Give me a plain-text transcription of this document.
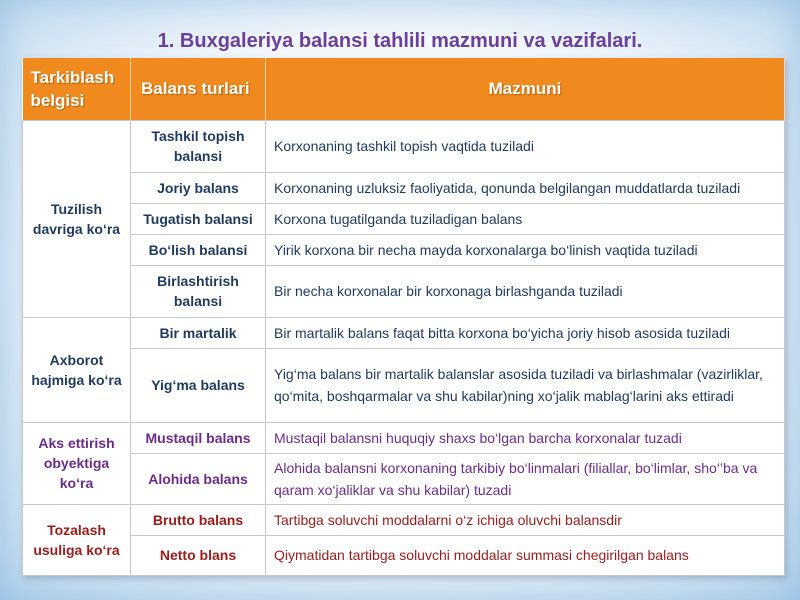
1. Buxgaleriya balansi tahlili mazmuni va vazifalari.
Tarkiblash belgisi	Balans turlari	Mazmuni
Tuzilish davriga ko‘ra	Tashkil topish balansi	Korxonaning tashkil topish vaqtida tuziladi
	Joriy balans	Korxonaning uzluksiz faoliyatida, qonunda belgilangan muddatlarda tuziladi
	Tugatish balansi	Korxona tugatilganda tuziladigan balans
	Bo‘lish balansi	Yirik korxona bir necha mayda korxonalarga bo‘linish vaqtida tuziladi
	Birlashtirish balansi	Bir necha korxonalar bir korxonaga birlashganda tuziladi
Axborot hajmiga ko‘ra	Bir martalik	Bir martalik balans faqat bitta korxona bo‘yicha joriy hisob asosida tuziladi
	Yig‘ma balans	Yig‘ma balans bir martalik balanslar asosida tuziladi va birlashmalar (vazirliklar, qo‘mita, boshqarmalar va shu kabilar)ning xo‘jalik mablag‘larini aks ettiradi
Aks ettirish obyektiga ko‘ra	Mustaqil balans	Mustaqil balansni huquqiy shaxs bo‘lgan barcha korxonalar tuzadi
	Alohida balans	Alohida balansni korxonaning tarkibiy bo‘linmalari (filiallar, bo‘limlar, sho‘’ba va qaram xo‘jaliklar va shu kabilar) tuzadi
Tozalash usuliga ko‘ra	Brutto balans	Tartibga soluvchi moddalarni o‘z ichiga oluvchi balansdir
	Netto blans	Qiymatidan tartibga soluvchi moddalar summasi chegirilgan balans
